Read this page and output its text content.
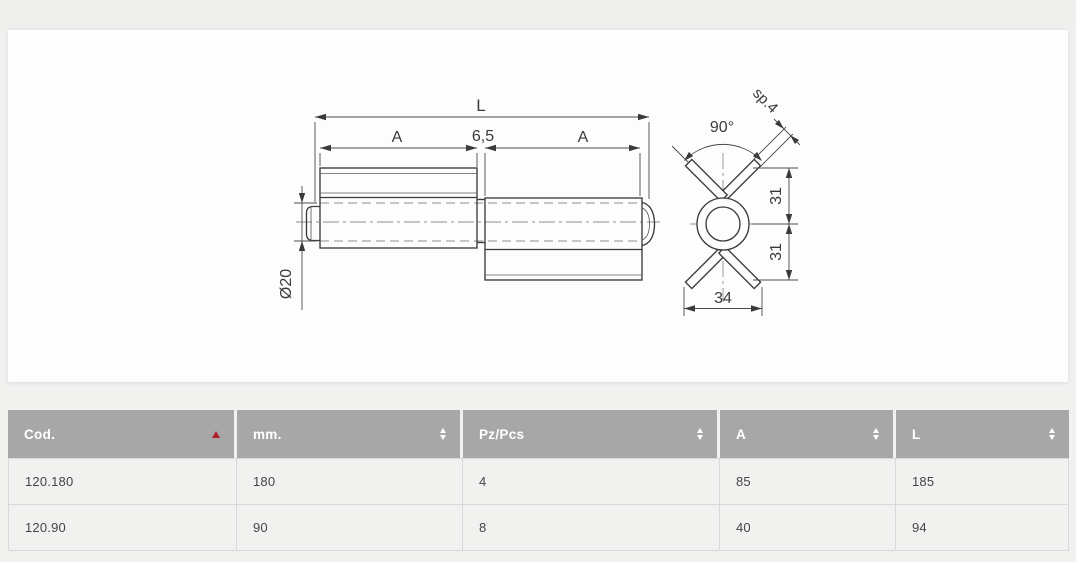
L
A	6,5	A
Ø20
90°
sp.4
31
31
34
Cod.	mm.	Pz/Pcs	A	L
120.180	180	4	85	185
120.90	90	8	40	94
